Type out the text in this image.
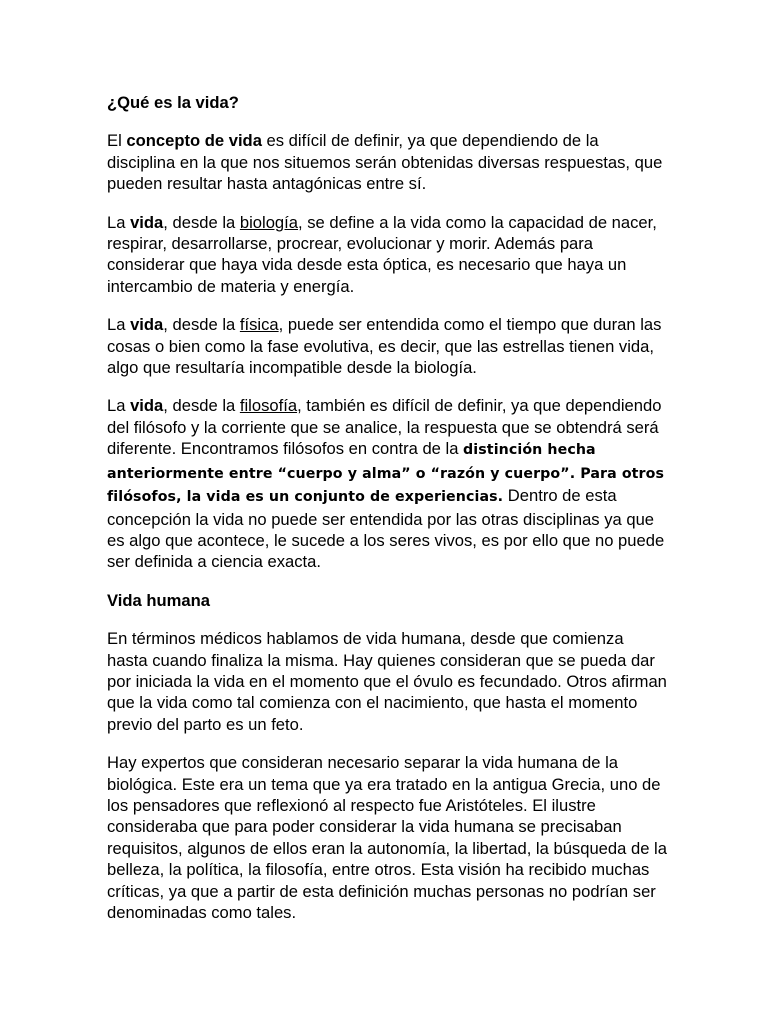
¿Qué es la vida?

El concepto de vida es difícil de definir, ya que dependiendo de la disciplina en la que nos situemos serán obtenidas diversas respuestas, que pueden resultar hasta antagónicas entre sí.

La vida, desde la biología, se define a la vida como la capacidad de nacer, respirar, desarrollarse, procrear, evolucionar y morir. Además para considerar que haya vida desde esta óptica, es necesario que haya un intercambio de materia y energía.

La vida, desde la física, puede ser entendida como el tiempo que duran las cosas o bien como la fase evolutiva, es decir, que las estrellas tienen vida, algo que resultaría incompatible desde la biología.

La vida, desde la filosofía, también es difícil de definir, ya que dependiendo del filósofo y la corriente que se analice, la respuesta que se obtendrá será diferente. Encontramos filósofos en contra de la distinción hecha anteriormente entre “cuerpo y alma” o “razón y cuerpo”. Para otros filósofos, la vida es un conjunto de experiencias. Dentro de esta concepción la vida no puede ser entendida por las otras disciplinas ya que es algo que acontece, le sucede a los seres vivos, es por ello que no puede ser definida a ciencia exacta.

Vida humana

En términos médicos hablamos de vida humana, desde que comienza hasta cuando finaliza la misma. Hay quienes consideran que se pueda dar por iniciada la vida en el momento que el óvulo es fecundado. Otros afirman que la vida como tal comienza con el nacimiento, que hasta el momento previo del parto es un feto.

Hay expertos que consideran necesario separar la vida humana de la biológica. Este era un tema que ya era tratado en la antigua Grecia, uno de los pensadores que reflexionó al respecto fue Aristóteles. El ilustre consideraba que para poder considerar la vida humana se precisaban requisitos, algunos de ellos eran la autonomía, la libertad, la búsqueda de la belleza, la política, la filosofía, entre otros. Esta visión ha recibido muchas críticas, ya que a partir de esta definición muchas personas no podrían ser denominadas como tales.
